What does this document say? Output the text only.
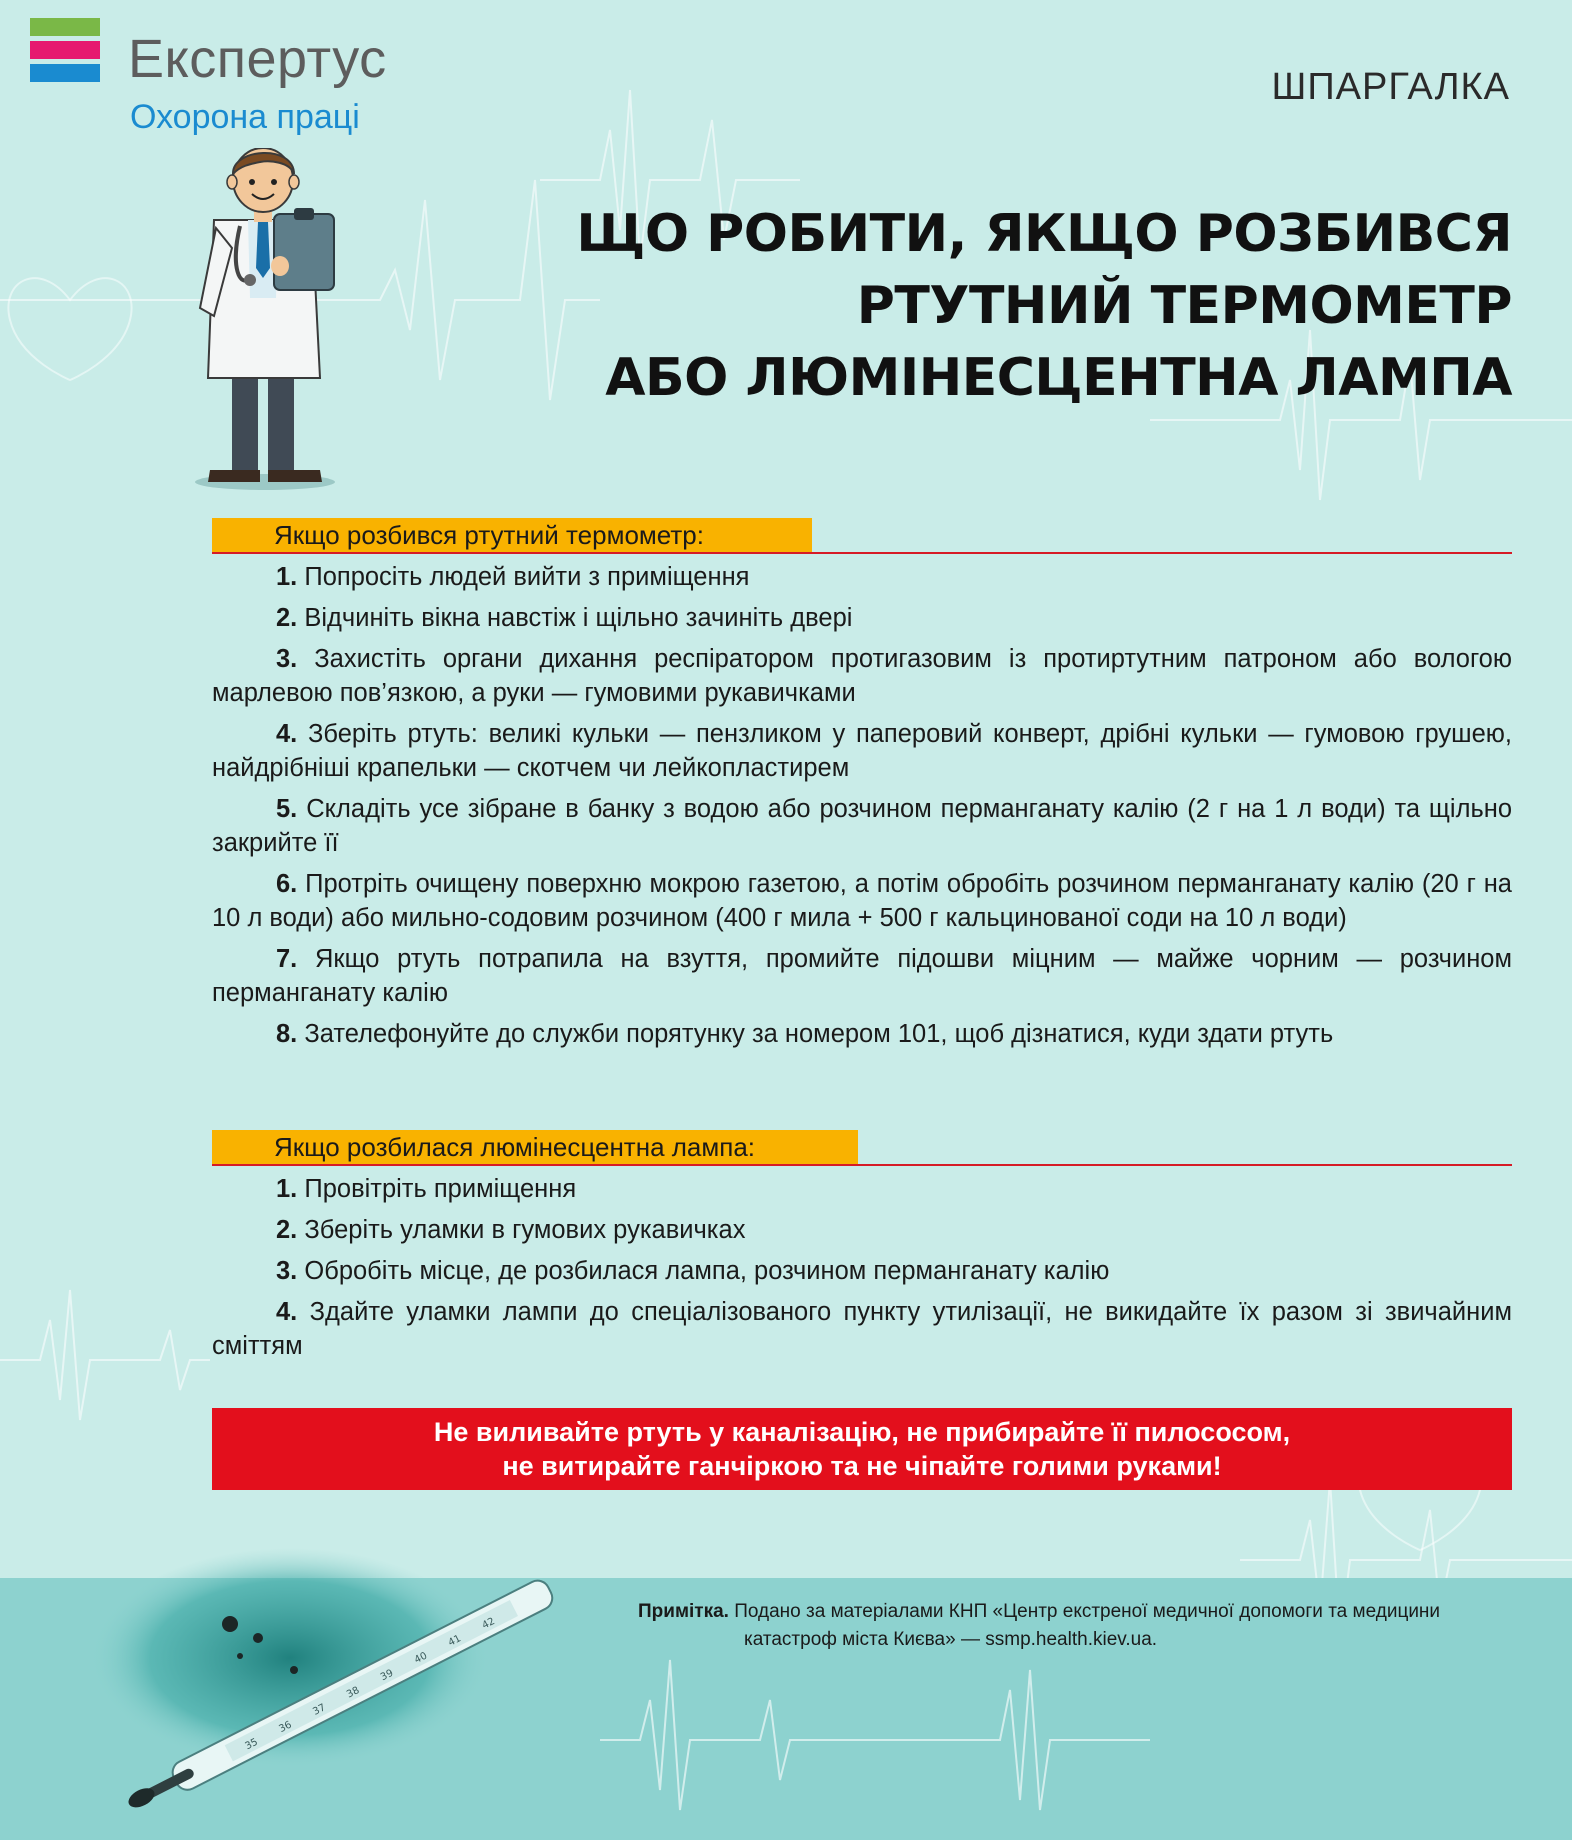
Експертус
Охорона праці
ШПАРГАЛКА
ЩО РОБИТИ, ЯКЩО РОЗБИВСЯ
РТУТНИЙ ТЕРМОМЕТР
АБО ЛЮМІНЕСЦЕНТНА ЛАМПА
Якщо розбився ртутний термометр:

1. Попросіть людей вийти з приміщення

2. Відчиніть вікна навстіж і щільно зачиніть двері

3. Захистіть органи дихання респіратором протигазовим із протиртутним патроном або вологою марлевою пов’язкою, а руки — гумовими рукавичками

4. Зберіть ртуть: великі кульки — пензликом у паперовий конверт, дрібні кульки — гумовою грушею, найдрібніші крапельки — скотчем чи лейкопластирем

5. Складіть усе зібране в банку з водою або розчином перманганату калію (2 г на 1 л води) та щільно закрийте її

6. Протріть очищену поверхню мокрою газетою, а потім обробіть розчином перманганату калію (20 г на 10 л води) або мильно-содовим розчином (400 г мила + 500 г кальцинованої соди на 10 л води)

7. Якщо ртуть потрапила на взуття, промийте підошви міцним — майже чорним — розчином перманганату калію

8. Зателефонуйте до служби порятунку за номером 101, щоб дізнатися, куди здати ртуть

Якщо розбилася люмінесцентна лампа:

1. Провітріть приміщення

2. Зберіть уламки в гумових рукавичках

3. Обробіть місце, де розбилася лампа, розчином перманганату калію

4. Здайте уламки лампи до спеціалізованого пункту утилізації, не викидайте їх разом зі звичайним сміттям

Не виливайте ртуть у каналізацію, не прибирайте її пилососом,
не витирайте ганчіркою та не чіпайте голими руками!
35
36
37
38
39
40
41
42
Примітка. Подано за матеріалами КНП «Центр екстреної медичної допомоги та медицини
катастроф міста Києва» — ssmp.health.kiev.ua.
